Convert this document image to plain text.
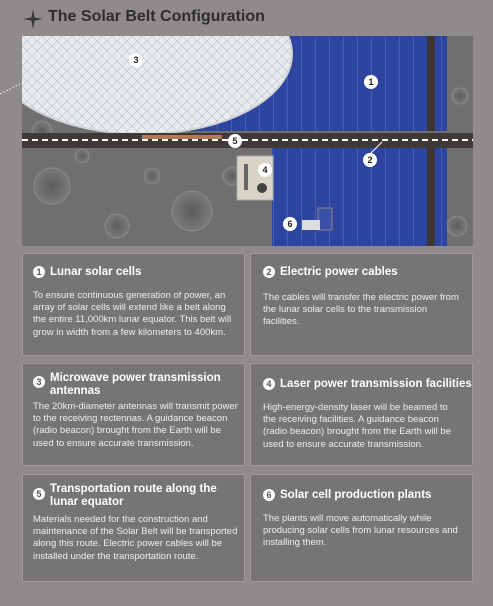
The Solar Belt Configuration
3
1
5
2
4
6
1 Lunar solar cells
To ensure continuous generation of power, an array of solar cells will extend like a belt along the entire 11,000km lunar equator. This belt will grow in width from a few kilometers to 400km.
2 Electric power cables
The cables will transfer the electric power from the lunar solar cells to the transmission facilities.
3 Microwave power transmission antennas
The 20km-diameter antennas will transmit power to the receiving rectennas. A guidance beacon (radio beacon) brought from the Earth will be used to ensure accurate transmission.
4 Laser power transmission facilities
High-energy-density laser will be beamed to the receiving facilities. A guidance beacon (radio beacon) brought from the Earth will be used to ensure accurate transmission.
5 Transportation route along the lunar equator
Materials needed for the construction and maintenance of the Solar Belt will be transported along this route. Electric power cables will be installed under the transportation route.
6 Solar cell production plants
The plants will move automatically while producing solar cells from lunar resources and installing them.
